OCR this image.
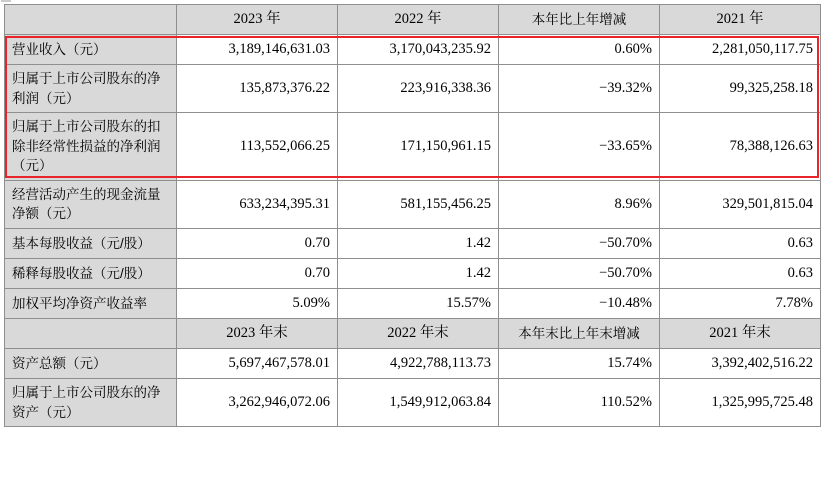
	2023 年	2022 年	本年比上年增减	2021 年
营业收入（元）	3,189,146,631.03	3,170,043,235.92	0.60%	2,281,050,117.75
归属于上市公司股东的净利润（元）	135,873,376.22	223,916,338.36	−39.32%	99,325,258.18
归属于上市公司股东的扣除非经常性损益的净利润（元）	113,552,066.25	171,150,961.15	−33.65%	78,388,126.63
经营活动产生的现金流量净额（元）	633,234,395.31	581,155,456.25	8.96%	329,501,815.04
基本每股收益（元/股）	0.70	1.42	−50.70%	0.63
稀释每股收益（元/股）	0.70	1.42	−50.70%	0.63
加权平均净资产收益率	5.09%	15.57%	−10.48%	7.78%
	2023 年末	2022 年末	本年末比上年末增减	2021 年末
资产总额（元）	5,697,467,578.01	4,922,788,113.73	15.74%	3,392,402,516.22
归属于上市公司股东的净资产（元）	3,262,946,072.06	1,549,912,063.84	110.52%	1,325,995,725.48
